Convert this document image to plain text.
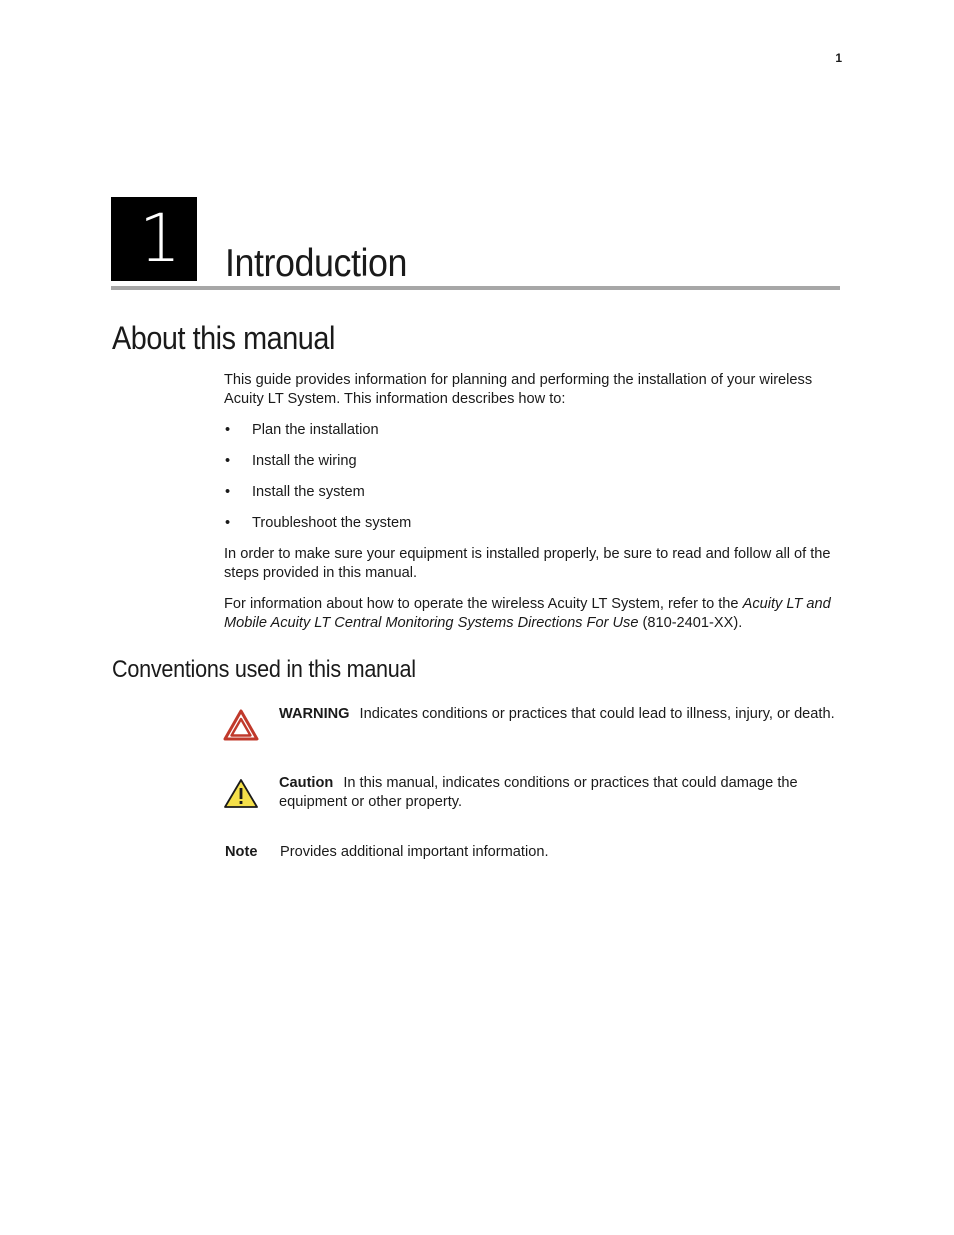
1
1	Introduction
About this manual

This guide provides information for planning and performing the installation of your wireless Acuity LT System. This information describes how to:

• Plan the installation
• Install the wiring
• Install the system
• Troubleshoot the system

In order to make sure your equipment is installed properly, be sure to read and follow all of the steps provided in this manual.

For information about how to operate the wireless Acuity LT System, refer to the Acuity LT and Mobile Acuity LT Central Monitoring Systems Directions For Use (810-2401-XX).

Conventions used in this manual

WARNING Indicates conditions or practices that could lead to illness, injury, or death.

Caution In this manual, indicates conditions or practices that could damage the equipment or other property.

Note Provides additional important information.
